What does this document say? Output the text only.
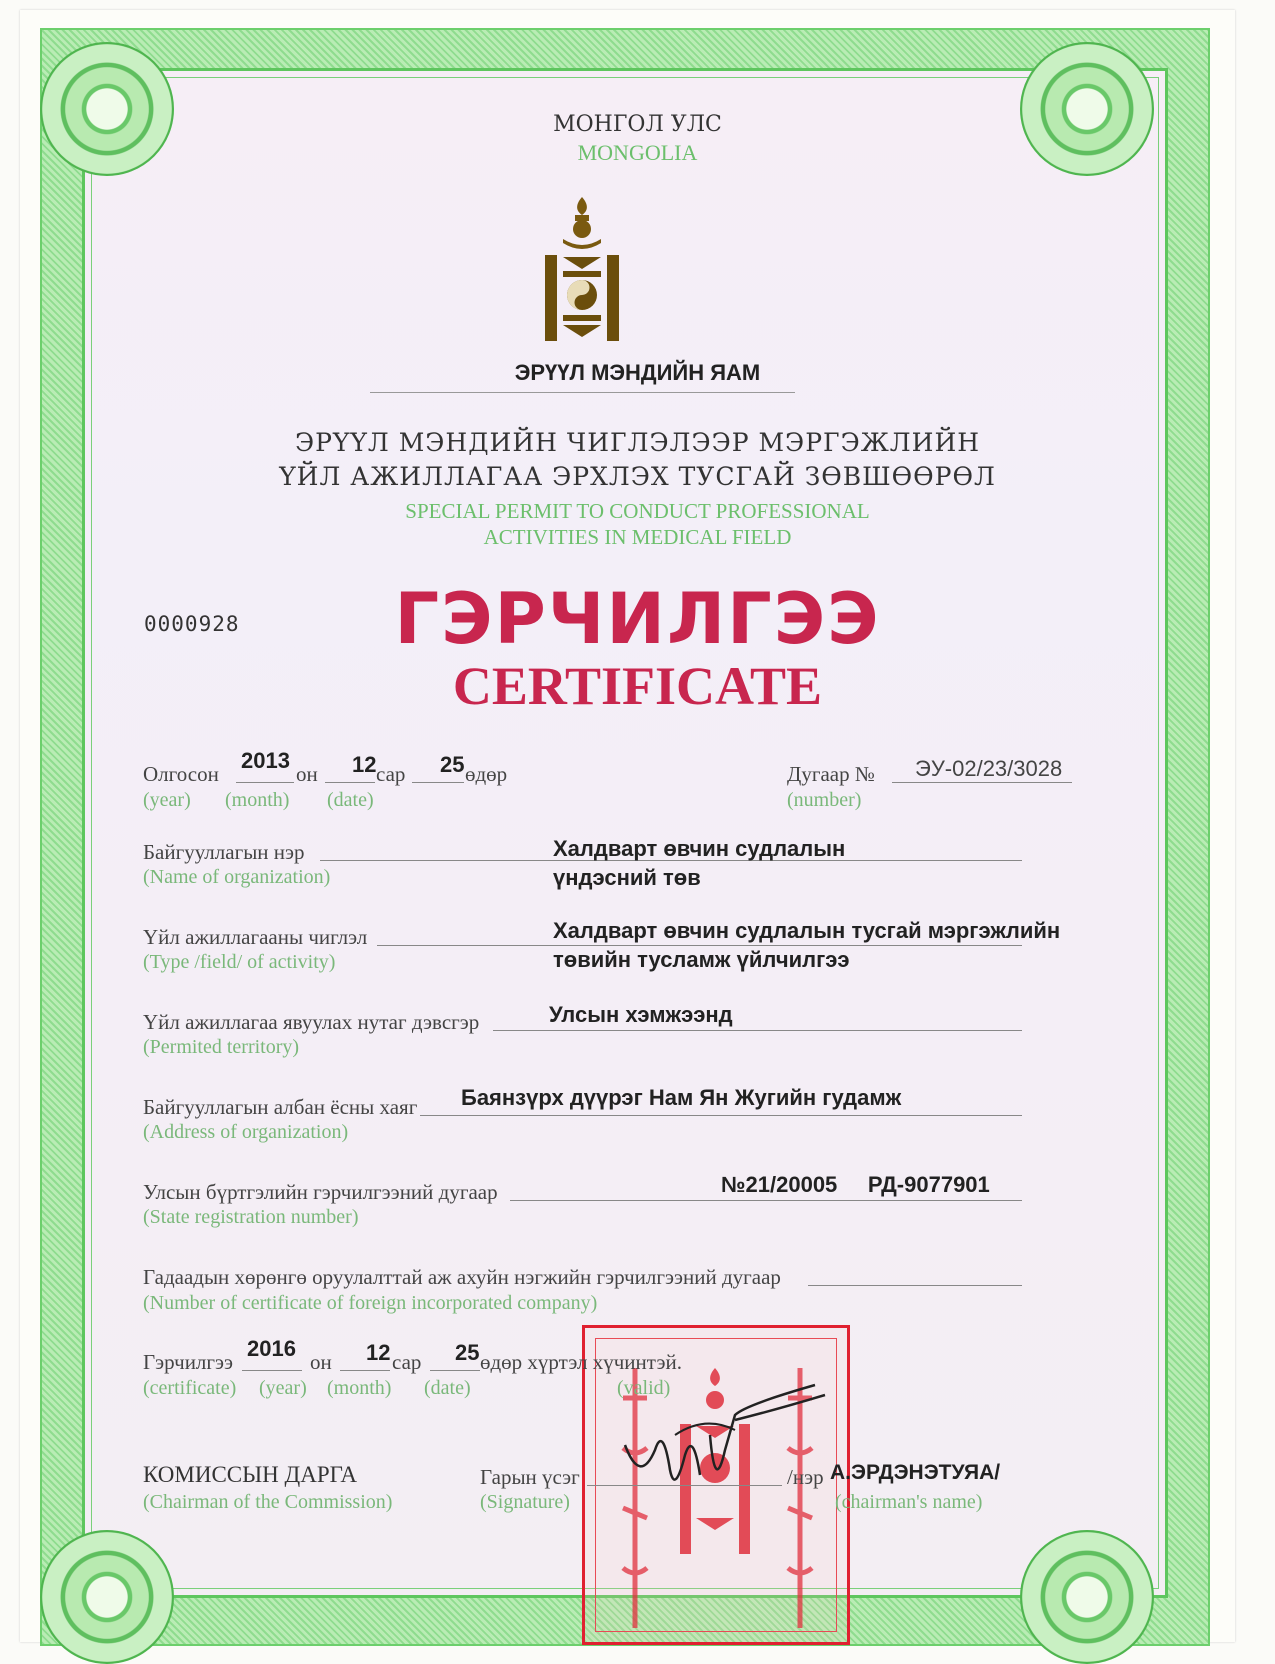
МОНГОЛ УЛС
MONGOLIA
ЭРҮҮЛ МЭНДИЙН ЯАМ
ЭРҮҮЛ МЭНДИЙН ЧИГЛЭЛЭЭР МЭРГЭЖЛИЙН
ҮЙЛ АЖИЛЛАГАА ЭРХЛЭХ ТУСГАЙ ЗӨВШӨӨРӨЛ
SPECIAL PERMIT TO CONDUCT PROFESSIONAL
ACTIVITIES IN MEDICAL FIELD
0000928	ГЭРЧИЛГЭЭ
CERTIFICATE
Олгосон
2013
он 12 сар 25 өдөр
(year) (month) (date)
Дугаар № ЭУ-02/23/3028
(number)
Байгууллагын нэр	Халдварт өвчин судлалын
үндэсний төв
(Name of organization)
Үйл ажиллагааны чиглэл	Халдварт өвчин судлалын тусгай мэргэжлийн
төвийн тусламж үйлчилгээ
(Type /field/ of activity)
Үйл ажиллагаа явуулах нутаг дэвсгэр	Улсын хэмжээнд
(Permited territory)
Байгууллагын албан ёсны хаяг Баянзүрх дүүрэг Нам Ян Жугийн гудамж
(Address of organization)
Улсын бүртгэлийн гэрчилгээний дугаар	№21/20005     РД-9077901
(State registration number)
Гадаадын хөрөнгө оруулалттай аж ахуйн нэгжийн гэрчилгээний дугаар
(Number of certificate of foreign incorporated company)
Гэрчилгээ
2016
он 12 сар 25 өдөр хүртэл хүчинтэй.
(certificate) (year) (month) (date)	(valid)
КОМИССЫН ДАРГА
(Chairman of the Commission)
Гарын үсэг
(Signature)
/нэр А.ЭРДЭНЭТУЯА/
(chairman's name)
